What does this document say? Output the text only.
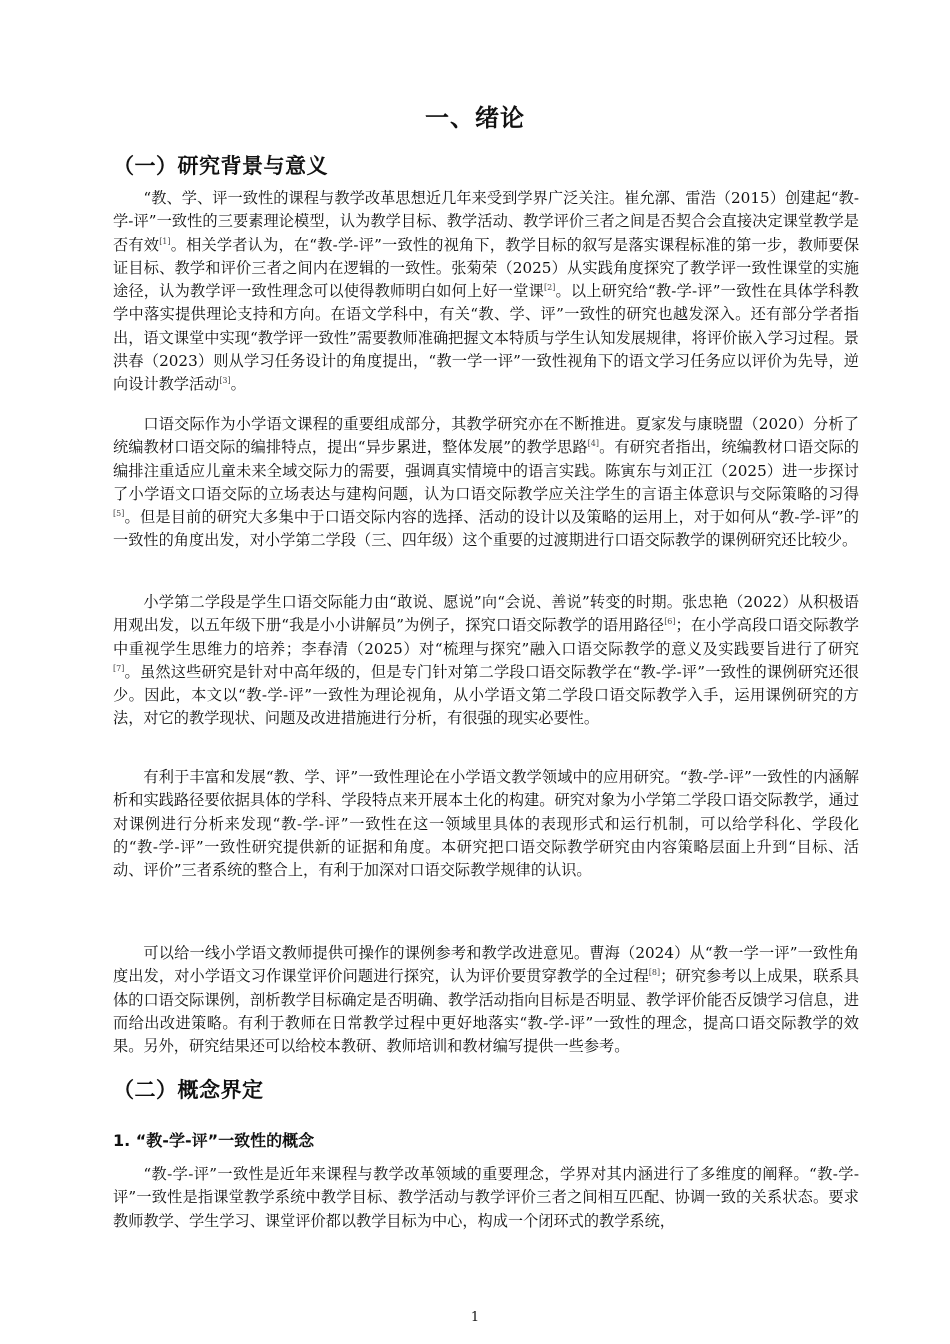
一、绪论
（一）研究背景与意义

“教、学、评一致性的课程与教学改革思想近几年来受到学界广泛关注。崔允漷、雷浩（2015）创建起“教-学-评”一致性的三要素理论模型，认为教学目标、教学活动、教学评价三者之间是否契合会直接决定课堂教学是否有效[1]。相关学者认为，在“教-学-评”一致性的视角下，教学目标的叙写是落实课程标准的第一步，教师要保证目标、教学和评价三者之间内在逻辑的一致性。张菊荣（2025）从实践角度探究了教学评一致性课堂的实施途径，认为教学评一致性理念可以使得教师明白如何上好一堂课[2]。以上研究给“教-学-评”一致性在具体学科教学中落实提供理论支持和方向。在语文学科中，有关“教、学、评”一致性的研究也越发深入。还有部分学者指出，语文课堂中实现“教学评一致性”需要教师准确把握文本特质与学生认知发展规律，将评价嵌入学习过程。景洪春（2023）则从学习任务设计的角度提出，“教一学一评”一致性视角下的语文学习任务应以评价为先导，逆向设计教学活动[3]。

口语交际作为小学语文课程的重要组成部分，其教学研究亦在不断推进。夏家发与康晓盟（2020）分析了统编教材口语交际的编排特点，提出“异步累进，整体发展”的教学思路[4]。有研究者指出，统编教材口语交际的编排注重适应儿童未来全域交际力的需要，强调真实情境中的语言实践。陈寅东与刘正江（2025）进一步探讨了小学语文口语交际的立场表达与建构问题，认为口语交际教学应关注学生的言语主体意识与交际策略的习得[5]。但是目前的研究大多集中于口语交际内容的选择、活动的设计以及策略的运用上，对于如何从“教-学-评”的一致性的角度出发，对小学第二学段（三、四年级）这个重要的过渡期进行口语交际教学的课例研究还比较少。

小学第二学段是学生口语交际能力由“敢说、愿说”向“会说、善说”转变的时期。张忠艳（2022）从积极语用观出发，以五年级下册“我是小小讲解员”为例子，探究口语交际教学的语用路径[6]；在小学高段口语交际教学中重视学生思维力的培养；李春清（2025）对“梳理与探究”融入口语交际教学的意义及实践要旨进行了研究[7]。虽然这些研究是针对中高年级的，但是专门针对第二学段口语交际教学在“教-学-评”一致性的课例研究还很少。因此，本文以“教-学-评”一致性为理论视角，从小学语文第二学段口语交际教学入手，运用课例研究的方法，对它的教学现状、问题及改进措施进行分析，有很强的现实必要性。

有利于丰富和发展“教、学、评”一致性理论在小学语文教学领域中的应用研究。“教-学-评”一致性的内涵解析和实践路径要依据具体的学科、学段特点来开展本土化的构建。研究对象为小学第二学段口语交际教学，通过对课例进行分析来发现“教-学-评”一致性在这一领域里具体的表现形式和运行机制，可以给学科化、学段化的“教-学-评”一致性研究提供新的证据和角度。本研究把口语交际教学研究由内容策略层面上升到“目标、活动、评价”三者系统的整合上，有利于加深对口语交际教学规律的认识。

可以给一线小学语文教师提供可操作的课例参考和教学改进意见。曹海（2024）从“教一学一评”一致性角度出发，对小学语文习作课堂评价问题进行探究，认为评价要贯穿教学的全过程[8]；研究参考以上成果，联系具体的口语交际课例，剖析教学目标确定是否明确、教学活动指向目标是否明显、教学评价能否反馈学习信息，进而给出改进策略。有利于教师在日常教学过程中更好地落实“教-学-评”一致性的理念，提高口语交际教学的效果。另外，研究结果还可以给校本教研、教师培训和教材编写提供一些参考。

（二）概念界定
1. “教-学-评”一致性的概念

“教-学-评”一致性是近年来课程与教学改革领域的重要理念，学界对其内涵进行了多维度的阐释。“教-学-评”一致性是指课堂教学系统中教学目标、教学活动与教学评价三者之间相互匹配、协调一致的关系状态。要求教师教学、学生学习、课堂评价都以教学目标为中心，构成一个闭环式的教学系统，

1
